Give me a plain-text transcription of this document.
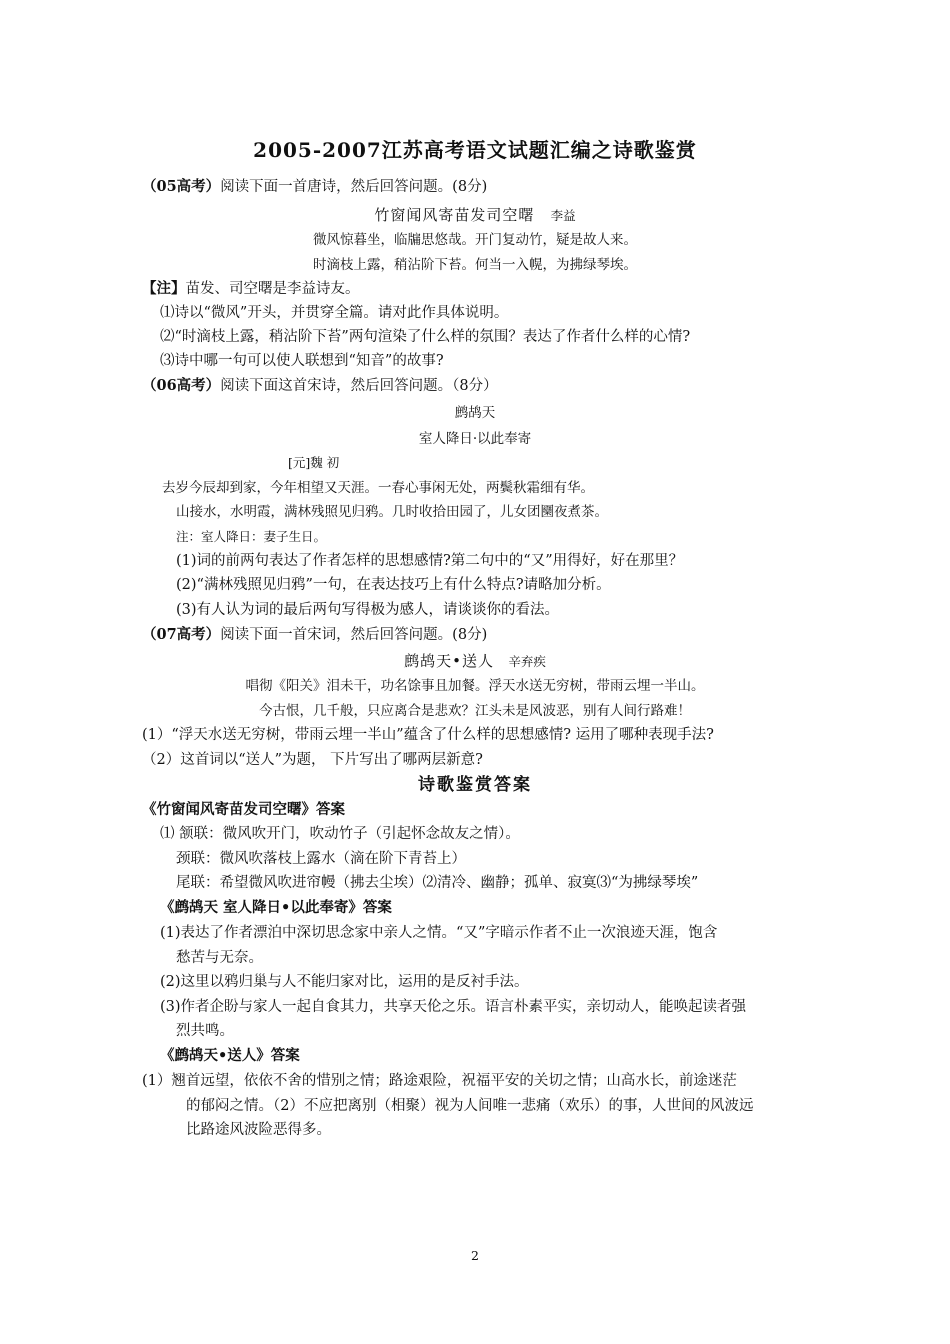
2005-2007江苏高考语文试题汇编之诗歌鉴赏
（05高考）阅读下面一首唐诗，然后回答问题。(8分)
竹窗闻风寄苗发司空曙 李益
微风惊暮坐，临牖思悠哉。开门复动竹，疑是故人来。
时滴枝上露，稍沾阶下苔。何当一入幌，为拂绿琴埃。
【注】苗发、司空曙是李益诗友。
⑴诗以“微风”开头，并贯穿全篇。请对此作具体说明。
⑵“时滴枝上露，稍沾阶下苔”两句渲染了什么样的氛围？表达了作者什么样的心情?
⑶诗中哪一句可以使人联想到“知音”的故事?
（06高考）阅读下面这首宋诗，然后回答问题。（8分）
鹧鸪天
室人降日·以此奉寄
[元]魏 初
去岁今辰却到家，今年相望又天涯。一春心事闲无处，两鬓秋霜细有华。
山接水，水明霞，满林残照见归鸦。几时收拾田园了，儿女团圞夜煮茶。
注：室人降日：妻子生日。
(1)词的前两句表达了作者怎样的思想感情?第二句中的“又”用得好，好在那里？
(2)“满林残照见归鸦”一句，在表达技巧上有什么特点?请略加分析。
(3)有人认为词的最后两句写得极为感人，请谈谈你的看法。
（07高考）阅读下面一首宋词，然后回答问题。(8分)
鹧鸪天•送人 辛弃疾
唱彻《阳关》泪未干，功名馀事且加餐。浮天水送无穷树，带雨云埋一半山。
今古恨，几千般，只应离合是悲欢？江头未是风波恶，别有人间行路难！
(1）“浮天水送无穷树，带雨云埋一半山”蕴含了什么样的思想感情? 运用了哪种表现手法?
（2）这首词以“送人”为题， 下片写出了哪两层新意?
诗歌鉴赏答案
《竹窗闻风寄苗发司空曙》答案
⑴ 颔联：微风吹开门，吹动竹子（引起怀念故友之情）。
颈联：微风吹落枝上露水（滴在阶下青苔上）
尾联：希望微风吹进帘幔（拂去尘埃）⑵清冷、幽静；孤单、寂寞⑶“为拂绿琴埃”
《鹧鸪天 室人降日•以此奉寄》答案
(1)表达了作者漂泊中深切思念家中亲人之情。“又”字暗示作者不止一次浪迹天涯，饱含
愁苦与无奈。
(2)这里以鸦归巢与人不能归家对比，运用的是反衬手法。
(3)作者企盼与家人一起自食其力，共享天伦之乐。语言朴素平实，亲切动人，能唤起读者强
烈共鸣。
《鹧鸪天•送人》答案
(1）翘首远望，依依不舍的惜别之情；路途艰险，祝福平安的关切之情；山高水长，前途迷茫
的郁闷之情。（2）不应把离别（相聚）视为人间唯一悲痛（欢乐）的事，人世间的风波远
比路途风波险恶得多。
2
